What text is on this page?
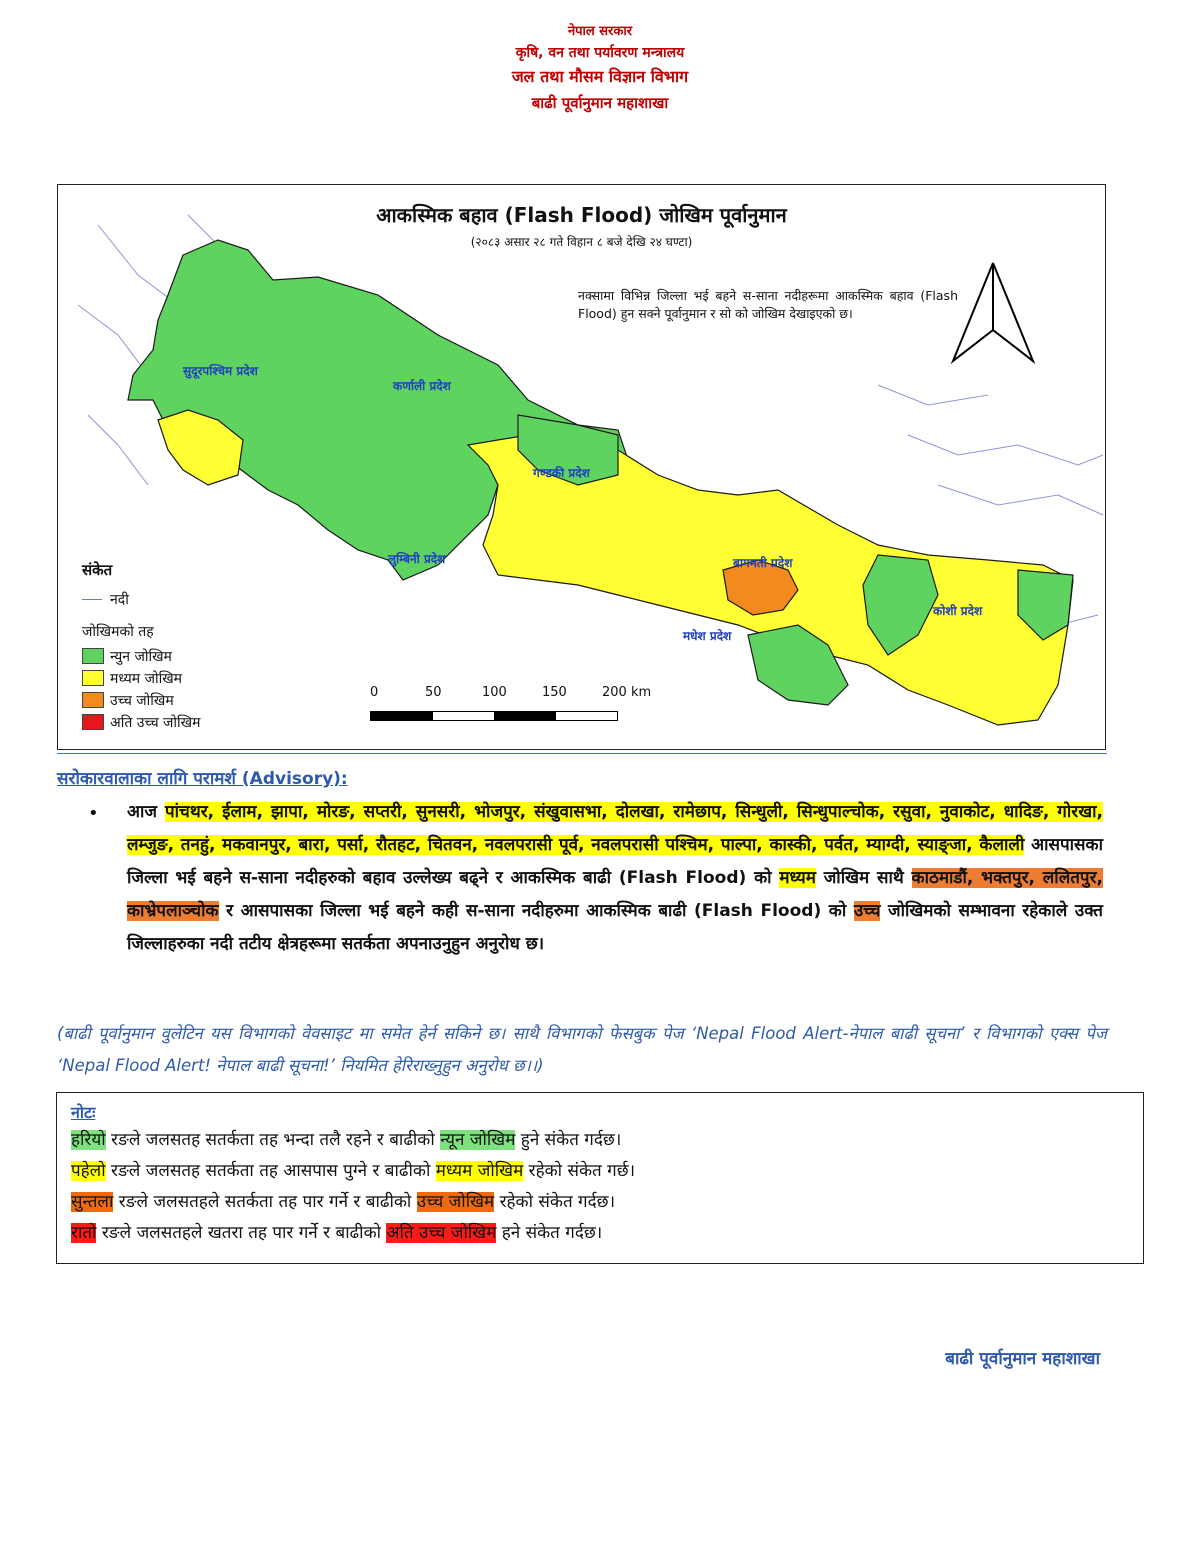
नेपाल सरकार
कृषि, वन तथा पर्यावरण मन्त्रालय
जल तथा मौसम विज्ञान विभाग
बाढी पूर्वानुमान महाशाखा
सुदूरपश्चिम प्रदेश
कर्णाली प्रदेश
गण्डकी प्रदेश
लुम्बिनी प्रदेश	बागमती प्रदेश
मधेश प्रदेश
कोशी प्रदेश
आकस्मिक बहाव (Flash Flood) जोखिम पूर्वानुमान
(२०८३ असार २८ गते विहान ८ बजे देखि २४ घण्टा)
नक्सामा विभिन्न जिल्ला भई बहने स-साना नदीहरूमा आकस्मिक बहाव (Flash Flood) हुन सक्ने पूर्वानुमान र सो को जोखिम देखाइएको छ।
संकेत
नदी
जोखिमको तह
न्युन जोखिम
मध्यम जोखिम
उच्च जोखिम
अति उच्च जोखिम
0	50	100	150	200 km
सरोकारवालाका लागि परामर्श (Advisory):
• आज पांचथर, ईलाम, झापा, मोरङ, सप्तरी, सुनसरी, भोजपुर, संखुवासभा, दोलखा, रामेछाप, सिन्धुली, सिन्धुपाल्चोक, रसुवा, नुवाकोट, धादिङ, गोरखा, लम्जुङ, तनहुं, मकवानपुर, बारा, पर्सा, रौतहट, चितवन, नवलपरासी पूर्व, नवलपरासी पश्चिम, पाल्पा, कास्की, पर्वत, म्याग्दी, स्याङ्जा, कैलाली आसपासका जिल्ला भई बहने स-साना नदीहरुको बहाव उल्लेख्य बढ्ने र आकस्मिक बाढी (Flash Flood) को मध्यम जोखिम साथै काठमाडौं, भक्तपुर, ललितपुर, काभ्रेपलाञ्चोक र आसपासका जिल्ला भई बहने कही स-साना नदीहरुमा आकस्मिक बाढी (Flash Flood) को उच्च जोखिमको सम्भावना रहेकाले उक्त जिल्लाहरुका नदी तटीय क्षेत्रहरूमा सतर्कता अपनाउनुहुन अनुरोध छ।
(बाढी पूर्वानुमान वुलेटिन यस विभागको वेवसाइट मा समेत हेर्न सकिने छ। साथै विभागको फेसबुक पेज ‘Nepal Flood Alert-नेपाल बाढी सूचना’ र विभागको एक्स पेज ‘Nepal Flood Alert! नेपाल बाढी सूचना!’ नियमित हेरिराख्नुहुन अनुरोध छ।।)
नोटः
हरियो रङले जलसतह सतर्कता तह भन्दा तलै रहने र बाढीको न्यून जोखिम हुने संकेत गर्दछ।
पहेलो रङले जलसतह सतर्कता तह आसपास पुग्ने र बाढीको मध्यम जोखिम रहेको संकेत गर्छ।
सुन्तला रङले जलसतहले सतर्कता तह पार गर्ने र बाढीको उच्च जोखिम रहेको संकेत गर्दछ।
रातो रङले जलसतहले खतरा तह पार गर्ने र बाढीको अति उच्च जोखिम हने संकेत गर्दछ।
बाढी पूर्वानुमान महाशाखा
